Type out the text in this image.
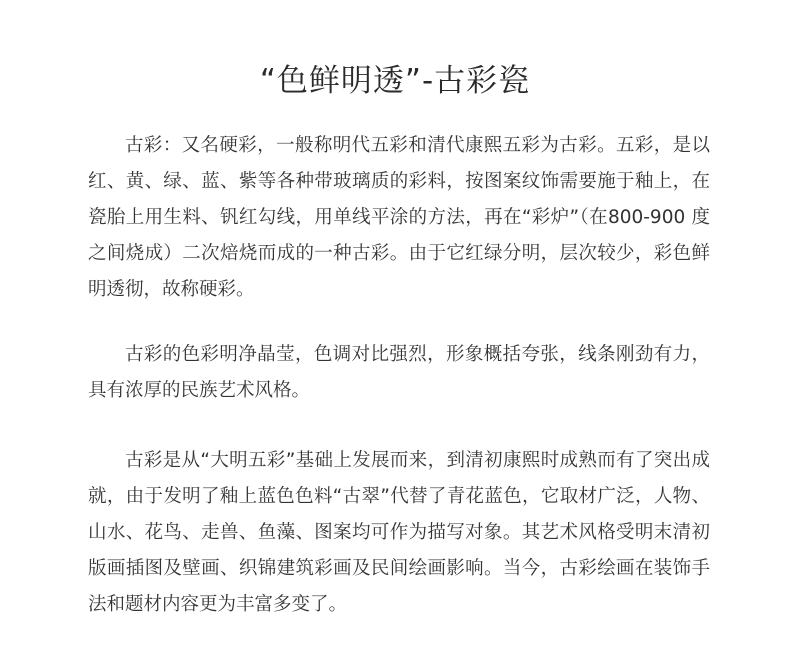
“色鲜明透”-古彩瓷

古彩：又名硬彩，一般称明代五彩和清代康熙五彩为古彩。五彩，是以红、黄、绿、蓝、紫等各种带玻璃质的彩料，按图案纹饰需要施于釉上，在瓷胎上用生料、钒红勾线，用单线平涂的方法，再在“彩炉”（在800-900 度之间烧成）二次焙烧而成的一种古彩。由于它红绿分明，层次较少，彩色鲜明透彻，故称硬彩。

古彩的色彩明净晶莹，色调对比强烈，形象概括夸张，线条刚劲有力，具有浓厚的民族艺术风格。

古彩是从“大明五彩”基础上发展而来，到清初康熙时成熟而有了突出成就，由于发明了釉上蓝色色料“古翠”代替了青花蓝色，它取材广泛，人物、山水、花鸟、走兽、鱼藻、图案均可作为描写对象。其艺术风格受明末清初版画插图及壁画、织锦建筑彩画及民间绘画影响。当今，古彩绘画在装饰手法和题材内容更为丰富多变了。
